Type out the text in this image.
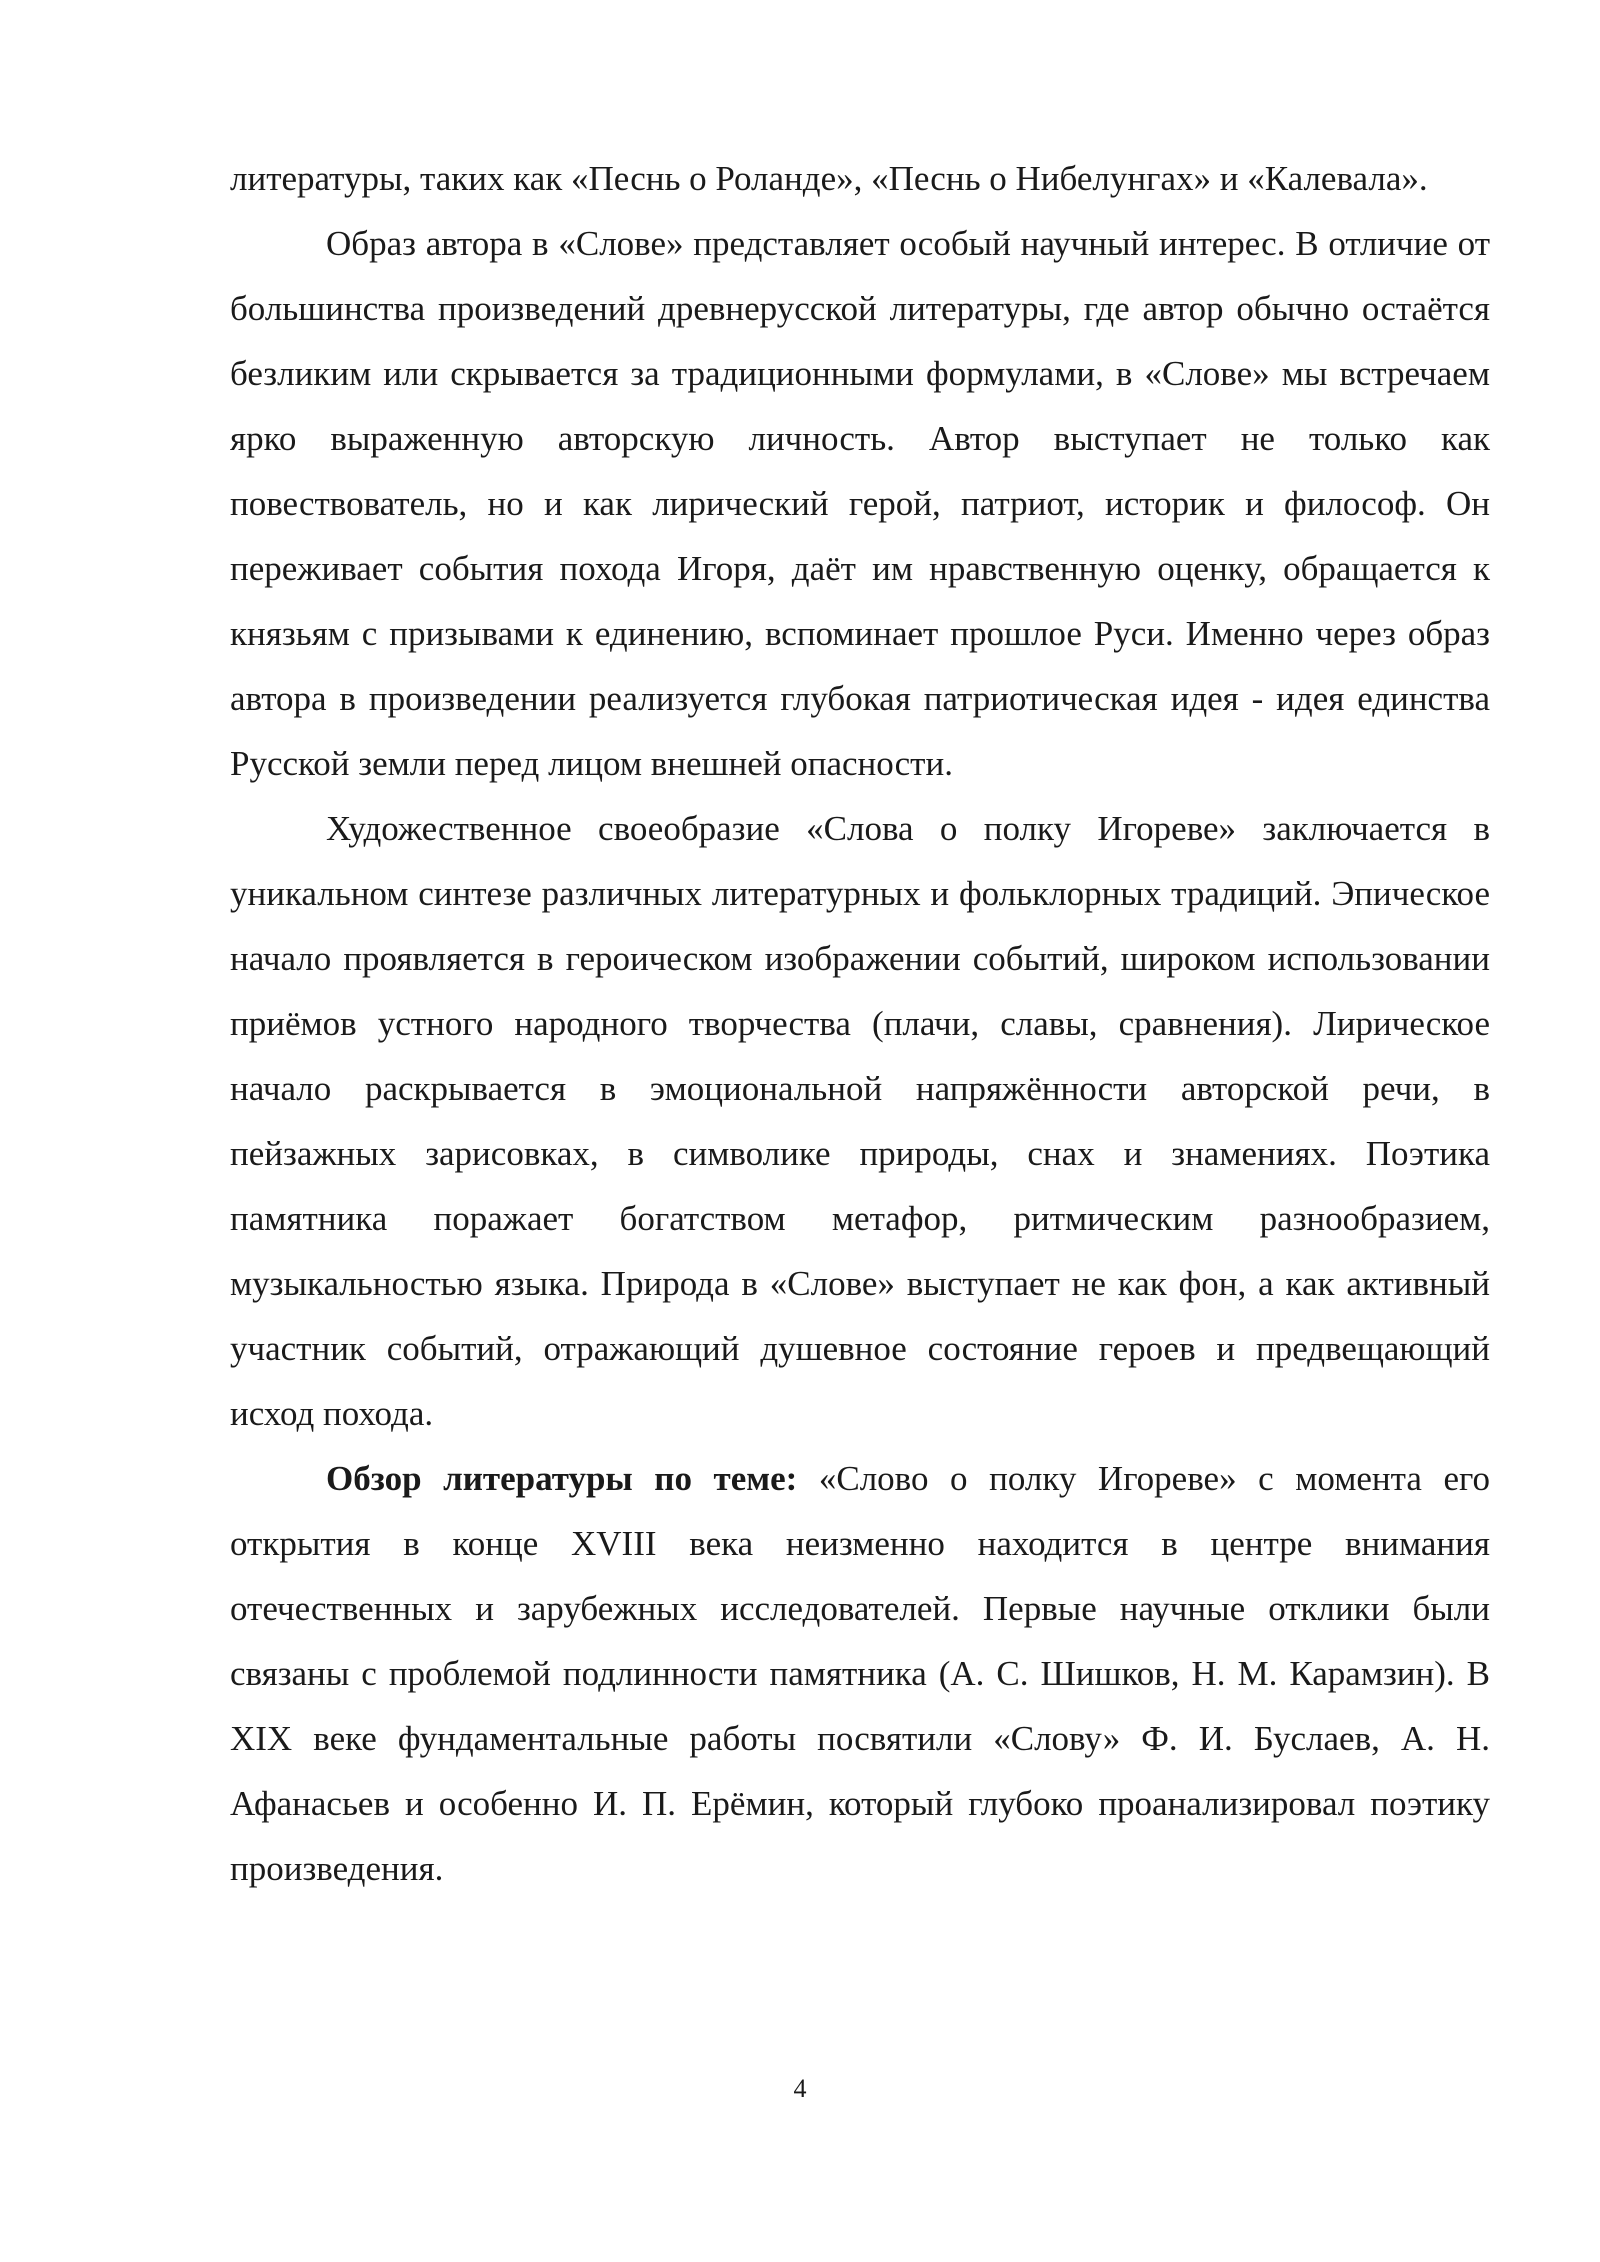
литературы, таких как «Песнь о Роланде», «Песнь о Нибелунгах» и «Калевала».

Образ автора в «Слове» представляет особый научный интерес. В отличие от большинства произведений древнерусской литературы, где автор обычно остаётся безликим или скрывается за традиционными формулами, в «Слове» мы встречаем ярко выраженную авторскую личность. Автор выступает не только как повествователь, но и как лирический герой, патриот, историк и философ. Он переживает события похода Игоря, даёт им нравственную оценку, обращается к князьям с призывами к единению, вспоминает прошлое Руси. Именно через образ автора в произведении реализуется глубокая патриотическая идея - идея единства Русской земли перед лицом внешней опасности.

Художественное своеобразие «Слова о полку Игореве» заключается в уникальном синтезе различных литературных и фольклорных традиций. Эпическое начало проявляется в героическом изображении событий, широком использовании приёмов устного народного творчества (плачи, славы, сравнения). Лирическое начало раскрывается в эмоциональной напряжённости авторской речи, в пейзажных зарисовках, в символике природы, снах и знамениях. Поэтика памятника поражает богатством метафор, ритмическим разнообразием, музыкальностью языка. Природа в «Слове» выступает не как фон, а как активный участник событий, отражающий душевное состояние героев и предвещающий исход похода.

Обзор литературы по теме: «Слово о полку Игореве» с момента его открытия в конце XVIII века неизменно находится в центре внимания отечественных и зарубежных исследователей. Первые научные отклики были связаны с проблемой подлинности памятника (А. С. Шишков, Н. М. Карамзин). В XIX веке фундаментальные работы посвятили «Слову» Ф. И. Буслаев, А. Н. Афанасьев и особенно И. П. Ерёмин, который глубоко проанализировал поэтику произведения.

4
